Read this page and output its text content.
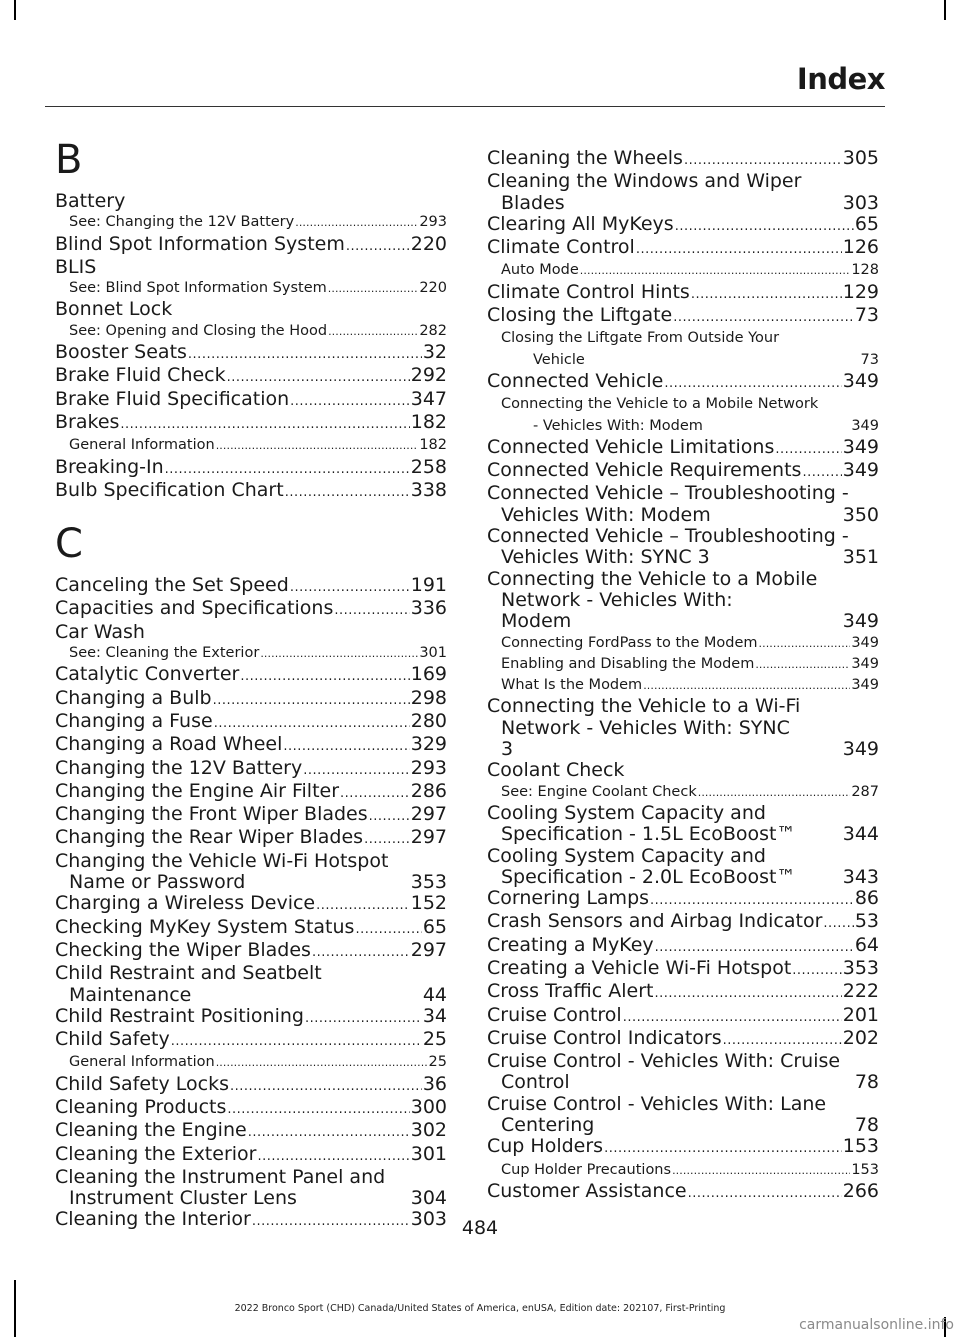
Index
B
Battery
See: Changing the 12V Battery .....	293
Blind Spot Information System .....	220
BLIS
See: Blind Spot Information System .....	220
Bonnet Lock
See: Opening and Closing the Hood .....	282
Booster Seats .....	32
Brake Fluid Check .....	292
Brake Fluid Specification .....	347
Brakes .....	182
General Information .....	182
Breaking-In .....	258
Bulb Specification Chart .....	338
C
Canceling the Set Speed .....	191
Capacities and Specifications .....	336
Car Wash
See: Cleaning the Exterior .....	301
Catalytic Converter .....	169
Changing a Bulb .....	298
Changing a Fuse .....	280
Changing a Road Wheel .....	329
Changing the 12V Battery .....	293
Changing the Engine Air Filter .....	286
Changing the Front Wiper Blades ..... 297
Changing the Rear Wiper Blades .....	297
Changing the Vehicle Wi-Fi Hotspot
Name or Password	353
Charging a Wireless Device .....	152
Checking MyKey System Status .....	65
Checking the Wiper Blades .....	297
Child Restraint and Seatbelt
Maintenance	44
Child Restraint Positioning .....	34
Child Safety .....	25
General Information .....	25
Child Safety Locks .....	36
Cleaning Products .....	300
Cleaning the Engine .....	302
Cleaning the Exterior .....	301
Cleaning the Instrument Panel and
Instrument Cluster Lens	304
Cleaning the Interior .....	303
Cleaning the Wheels .....	305
Cleaning the Windows and Wiper
Blades	303
Clearing All MyKeys .....	65
Climate Control .....	126
Auto Mode .....	128
Climate Control Hints .....	129
Closing the Liftgate .....	73
Closing the Liftgate From Outside Your
Vehicle	73
Connected Vehicle .....	349
Connecting the Vehicle to a Mobile Network
- Vehicles With: Modem	349
Connected Vehicle Limitations .....	349
Connected Vehicle Requirements ..... 349
Connected Vehicle – Troubleshooting -
Vehicles With: Modem	350
Connected Vehicle – Troubleshooting -
Vehicles With: SYNC 3	351
Connecting the Vehicle to a Mobile
Network - Vehicles With:
Modem	349
Connecting FordPass to the Modem .....	349
Enabling and Disabling the Modem .....	349
What Is the Modem .....	349
Connecting the Vehicle to a Wi-Fi
Network - Vehicles With: SYNC
3	349
Coolant Check
See: Engine Coolant Check .....	287
Cooling System Capacity and
Specification - 1.5L EcoBoost™ 344
Cooling System Capacity and
Specification - 2.0L EcoBoost™ 343
Cornering Lamps .....	86
Crash Sensors and Airbag Indicator ..... 53
Creating a MyKey .....	64
Creating a Vehicle Wi-Fi Hotspot .....	353
Cross Traffic Alert .....	222
Cruise Control .....	201
Cruise Control Indicators .....	202
Cruise Control - Vehicles With: Cruise
Control	78
Cruise Control - Vehicles With: Lane
Centering	78
Cup Holders .....	153
Cup Holder Precautions .....	153
Customer Assistance .....	266
484
2022 Bronco Sport (CHD) Canada/United States of America, enUSA, Edition date: 202107, First-Printing
carmanualsonline.info
